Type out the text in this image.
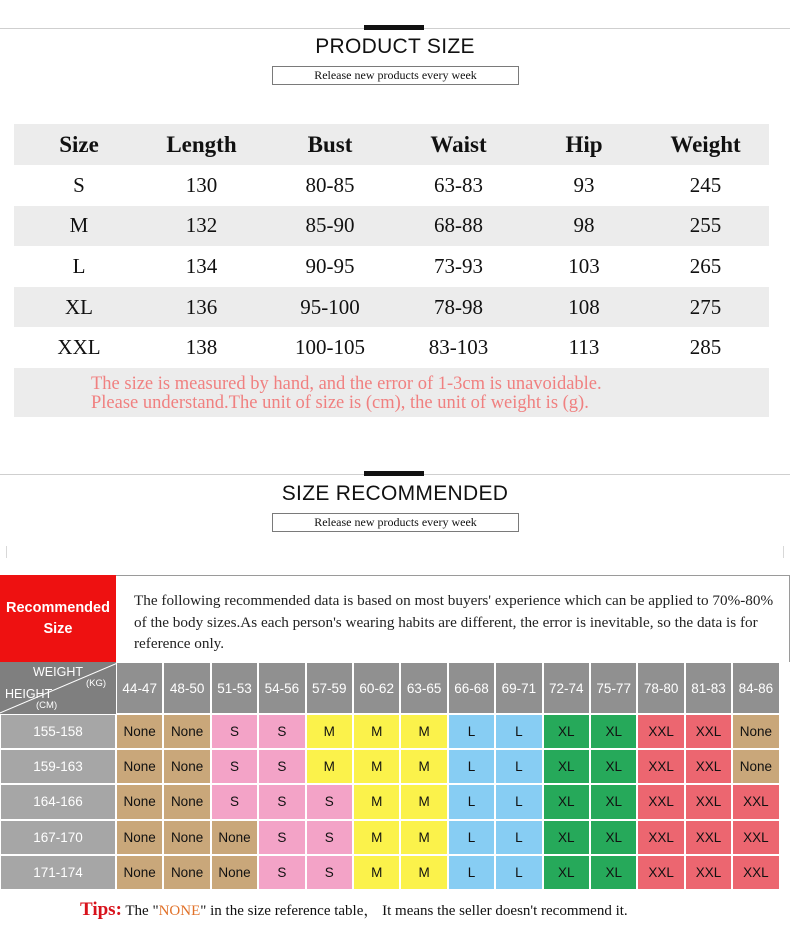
PRODUCT SIZE
Release new products every week
Size	Length	Bust	Waist	Hip	Weight
S	130	80-85	63-83	93	245
M	132	85-90	68-88	98	255
L	134	90-95	73-93	103	265
XL	136	95-100	78-98	108	275
XXL	138	100-105	83-103	113	285
The size is measured by hand, and the error of 1-3cm is unavoidable.
Please understand.The unit of size is (cm), the unit of weight is (g).
SIZE RECOMMENDED
Release new products every week
Recommended
Size

The following recommended data is based on most buyers' experience which can be applied to 70%-80% of the body sizes.As each person's wearing habits are different, the error is inevitable, so the data is for reference only.

WEIGHT
(KG)
HEIGHT
(CM)
44-47 48-50 51-53 54-56 57-59 60-62 63-65 66-68 69-71 72-74 75-77 78-80 81-83 84-86
155-158	None	None	S	S	M	M	M	L	L	XL	XL	XXL	XXL	None
159-163	None	None	S	S	M	M	M	L	L	XL	XL	XXL	XXL	None
164-166	None	None	S	S	S	M	M	L	L	XL	XL	XXL	XXL	XXL
167-170	None	None	None	S	S	M	M	L	L	XL	XL	XXL	XXL	XXL
171-174	None	None	None	S	S	M	M	L	L	XL	XL	XXL	XXL	XXL
Tips: The "NONE" in the size reference table， It means the seller doesn't recommend it.
